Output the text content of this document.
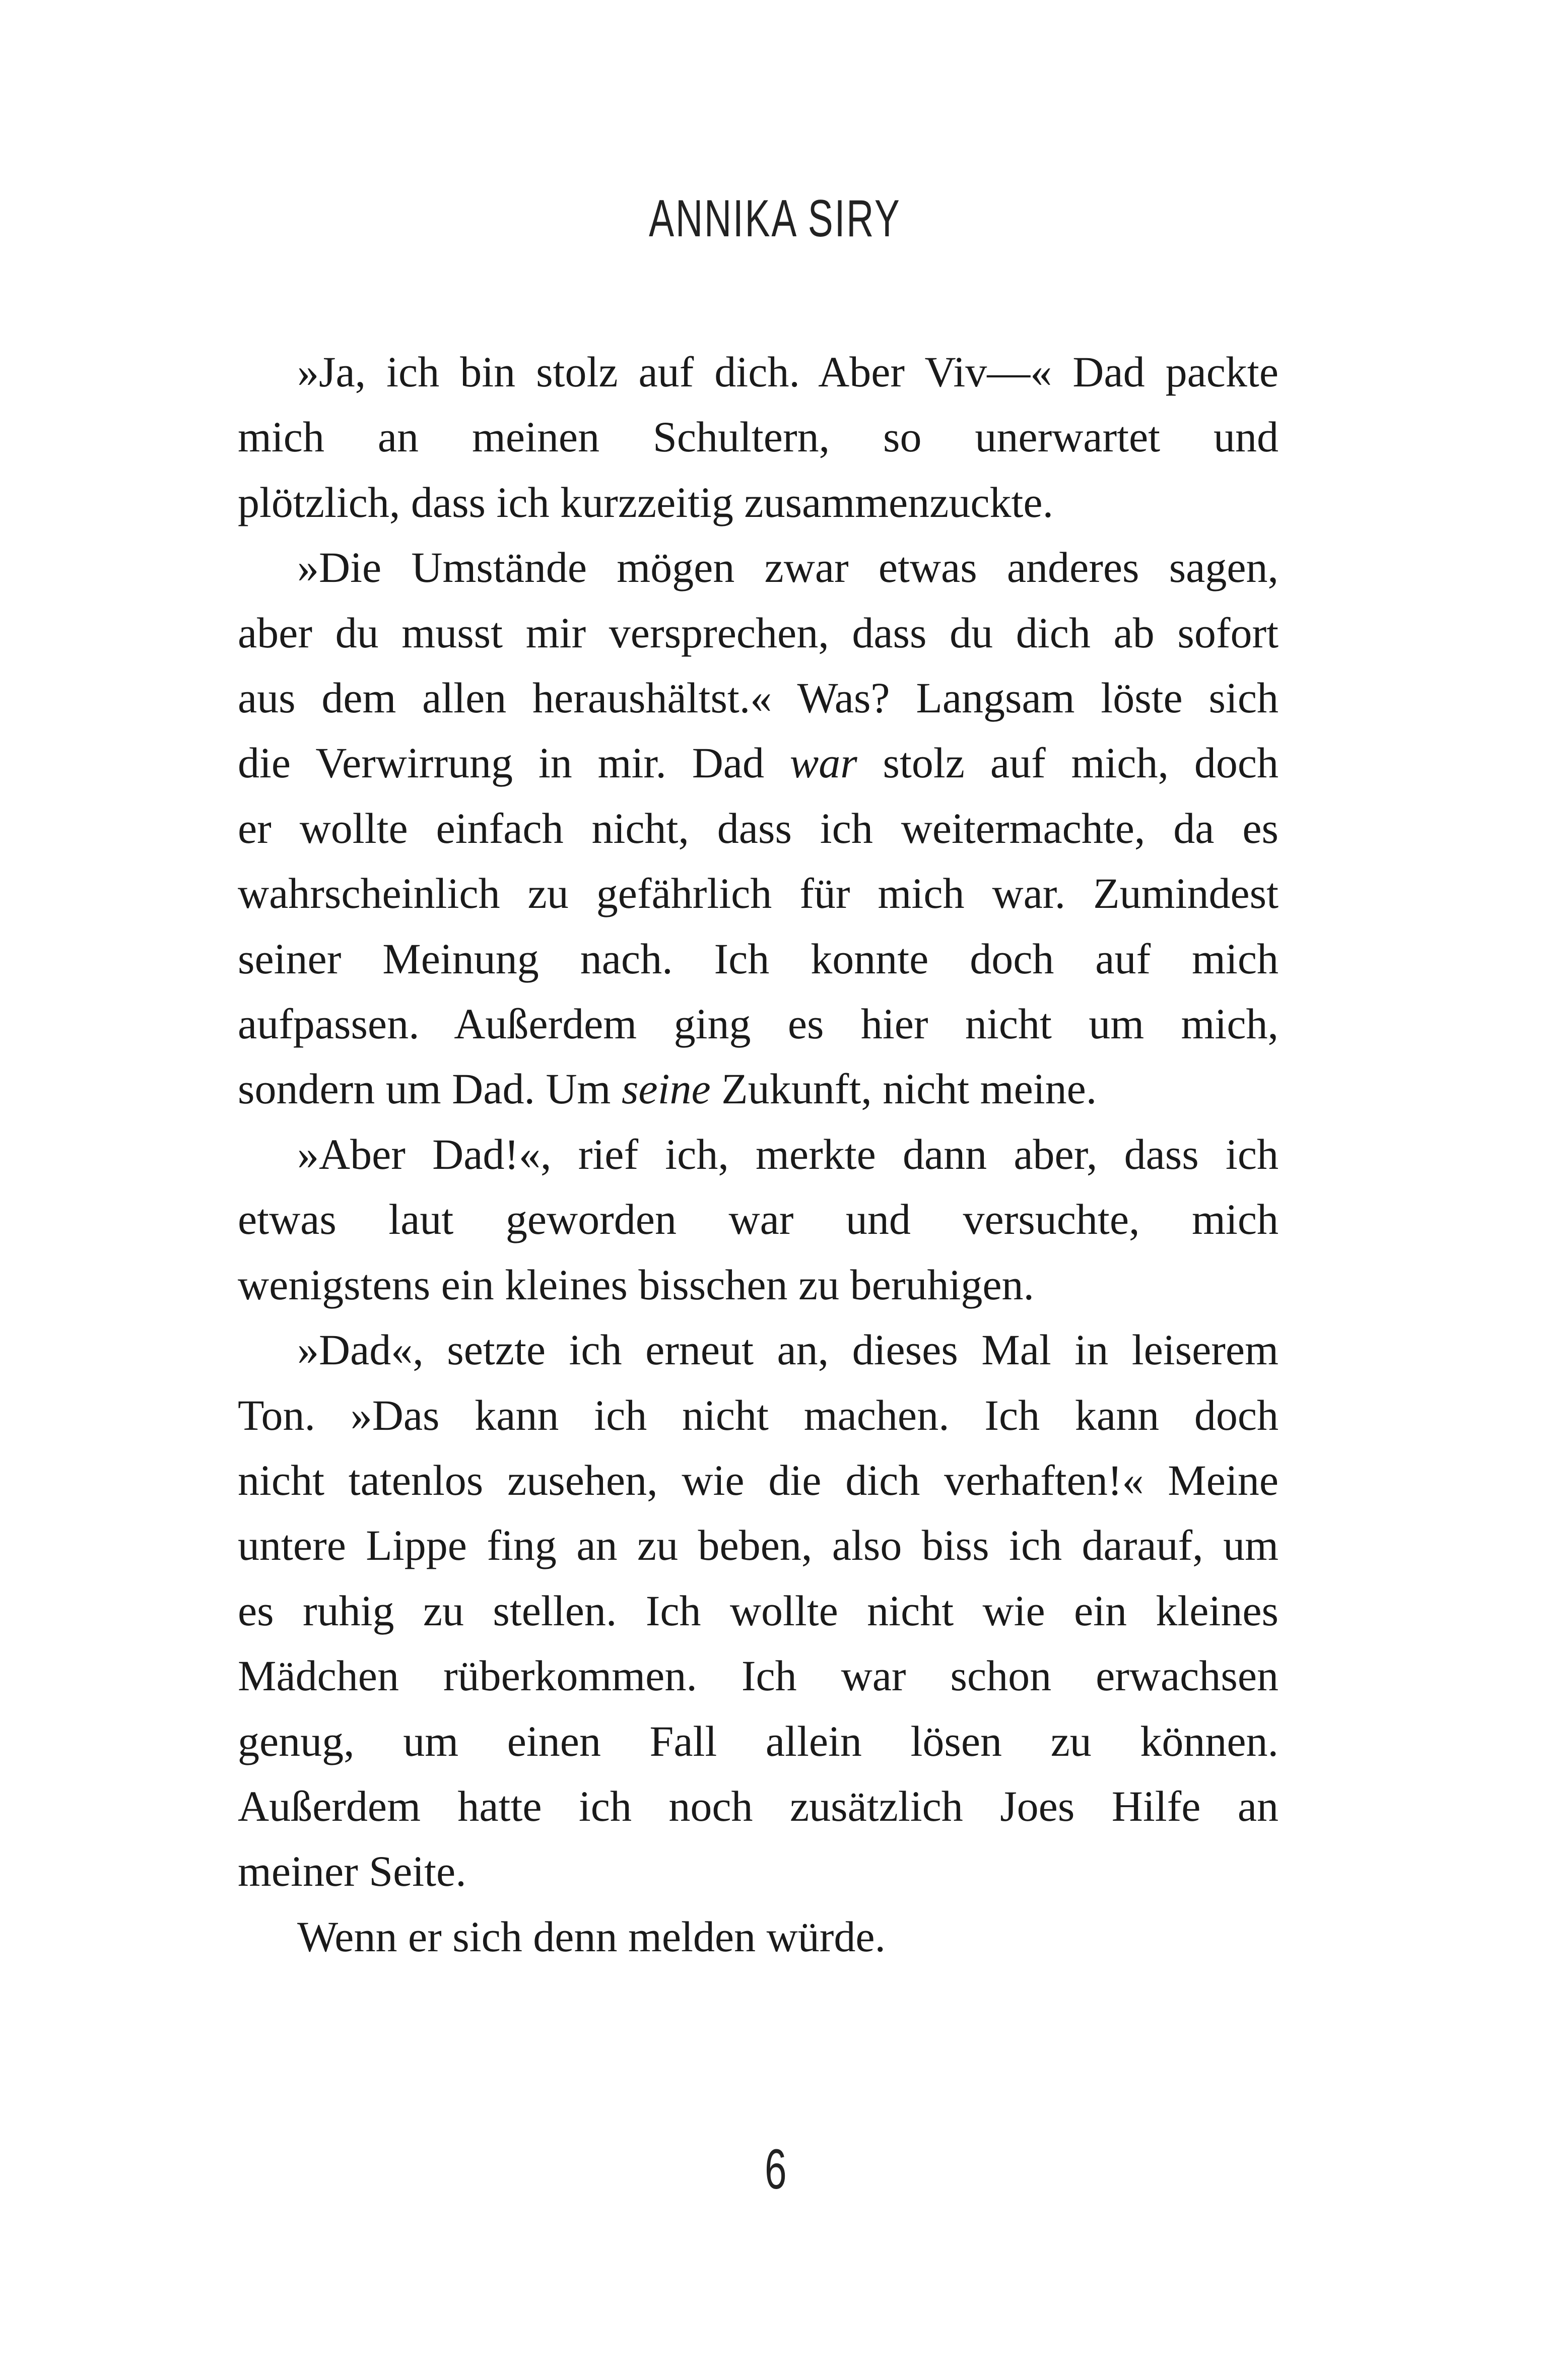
ANNIKA SIRY
»Ja, ich bin stolz auf dich. Aber Viv—« Dad packte
mich an meinen Schultern, so unerwartet und
plötzlich, dass ich kurzzeitig zusammenzuckte.
»Die Umstände mögen zwar etwas anderes sagen,
aber du musst mir versprechen, dass du dich ab sofort
aus dem allen heraushältst.« Was? Langsam löste sich
die Verwirrung in mir. Dad war stolz auf mich, doch
er wollte einfach nicht, dass ich weitermachte, da es
wahrscheinlich zu gefährlich für mich war. Zumindest
seiner Meinung nach. Ich konnte doch auf mich
aufpassen. Außerdem ging es hier nicht um mich,
sondern um Dad. Um seine Zukunft, nicht meine.
»Aber Dad!«, rief ich, merkte dann aber, dass ich
etwas laut geworden war und versuchte, mich
wenigstens ein kleines bisschen zu beruhigen.
»Dad«, setzte ich erneut an, dieses Mal in leiserem
Ton. »Das kann ich nicht machen. Ich kann doch
nicht tatenlos zusehen, wie die dich verhaften!« Meine
untere Lippe fing an zu beben, also biss ich darauf, um
es ruhig zu stellen. Ich wollte nicht wie ein kleines
Mädchen rüberkommen. Ich war schon erwachsen
genug, um einen Fall allein lösen zu können.
Außerdem hatte ich noch zusätzlich Joes Hilfe an
meiner Seite.
Wenn er sich denn melden würde.
6
